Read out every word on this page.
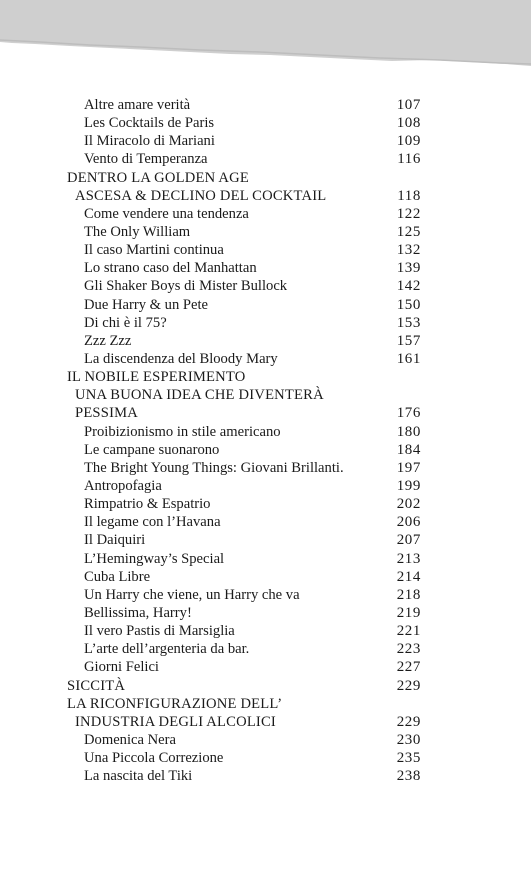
Altre amare verità	107
Les Cocktails de Paris	108
Il Miracolo di Mariani	109
Vento di Temperanza	116
DENTRO LA GOLDEN AGE
ASCESA & DECLINO DEL COCKTAIL	118
Come vendere una tendenza	122
The Only William	125
Il caso Martini continua	132
Lo strano caso del Manhattan	139
Gli Shaker Boys di Mister Bullock	142
Due Harry & un Pete	150
Di chi è il 75?	153
Zzz Zzz	157
La discendenza del Bloody Mary	161
IL NOBILE ESPERIMENTO
UNA BUONA IDEA CHE DIVENTERÀ
PESSIMA	176
Proibizionismo in stile americano	180
Le campane suonarono	184
The Bright Young Things: Giovani Brillanti.	197
Antropofagia	199
Rimpatrio & Espatrio	202
Il legame con l’Havana	206
Il Daiquiri	207
L’Hemingway’s Special	213
Cuba Libre	214
Un Harry che viene, un Harry che va	218
Bellissima, Harry!	219
Il vero Pastis di Marsiglia	221
L’arte dell’argenteria da bar.	223
Giorni Felici	227
SICCITÀ	229
LA RICONFIGURAZIONE DELL’
INDUSTRIA DEGLI ALCOLICI	229
Domenica Nera	230
Una Piccola Correzione	235
La nascita del Tiki	238
